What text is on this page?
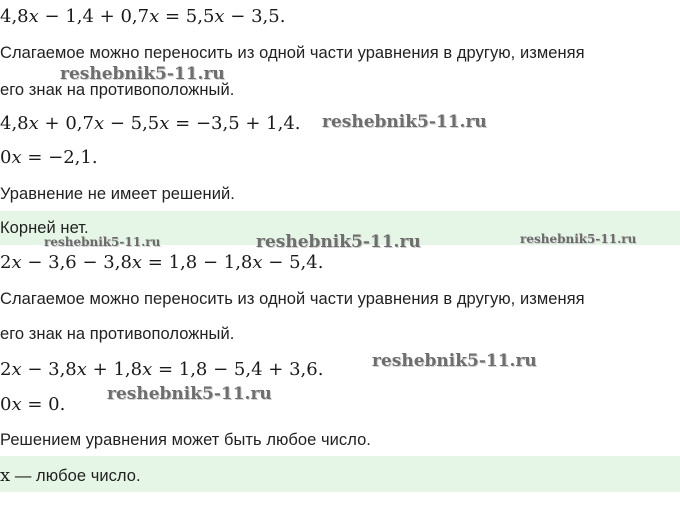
4,8x − 1,4 + 0,7x = 5,5x − 3,5.
Слагаемое можно переносить из одной части уравнения в другую, изменяя
его знак на противоположный.
4,8x + 0,7x − 5,5x = −3,5 + 1,4.
0x = −2,1.
Уравнение не имеет решений.
Корней нет.
2x − 3,6 − 3,8x = 1,8 − 1,8x − 5,4.
Слагаемое можно переносить из одной части уравнения в другую, изменяя
его знак на противоположный.
2x − 3,8x + 1,8x = 1,8 − 5,4 + 3,6.
0x = 0.
Решением уравнения может быть любое число.
x — любое число.
reshebnik5-11.ru
reshebnik5-11.ru
reshebnik5-11.ru	reshebnik5-11.ru	reshebnik5-11.ru
reshebnik5-11.ru
reshebnik5-11.ru
